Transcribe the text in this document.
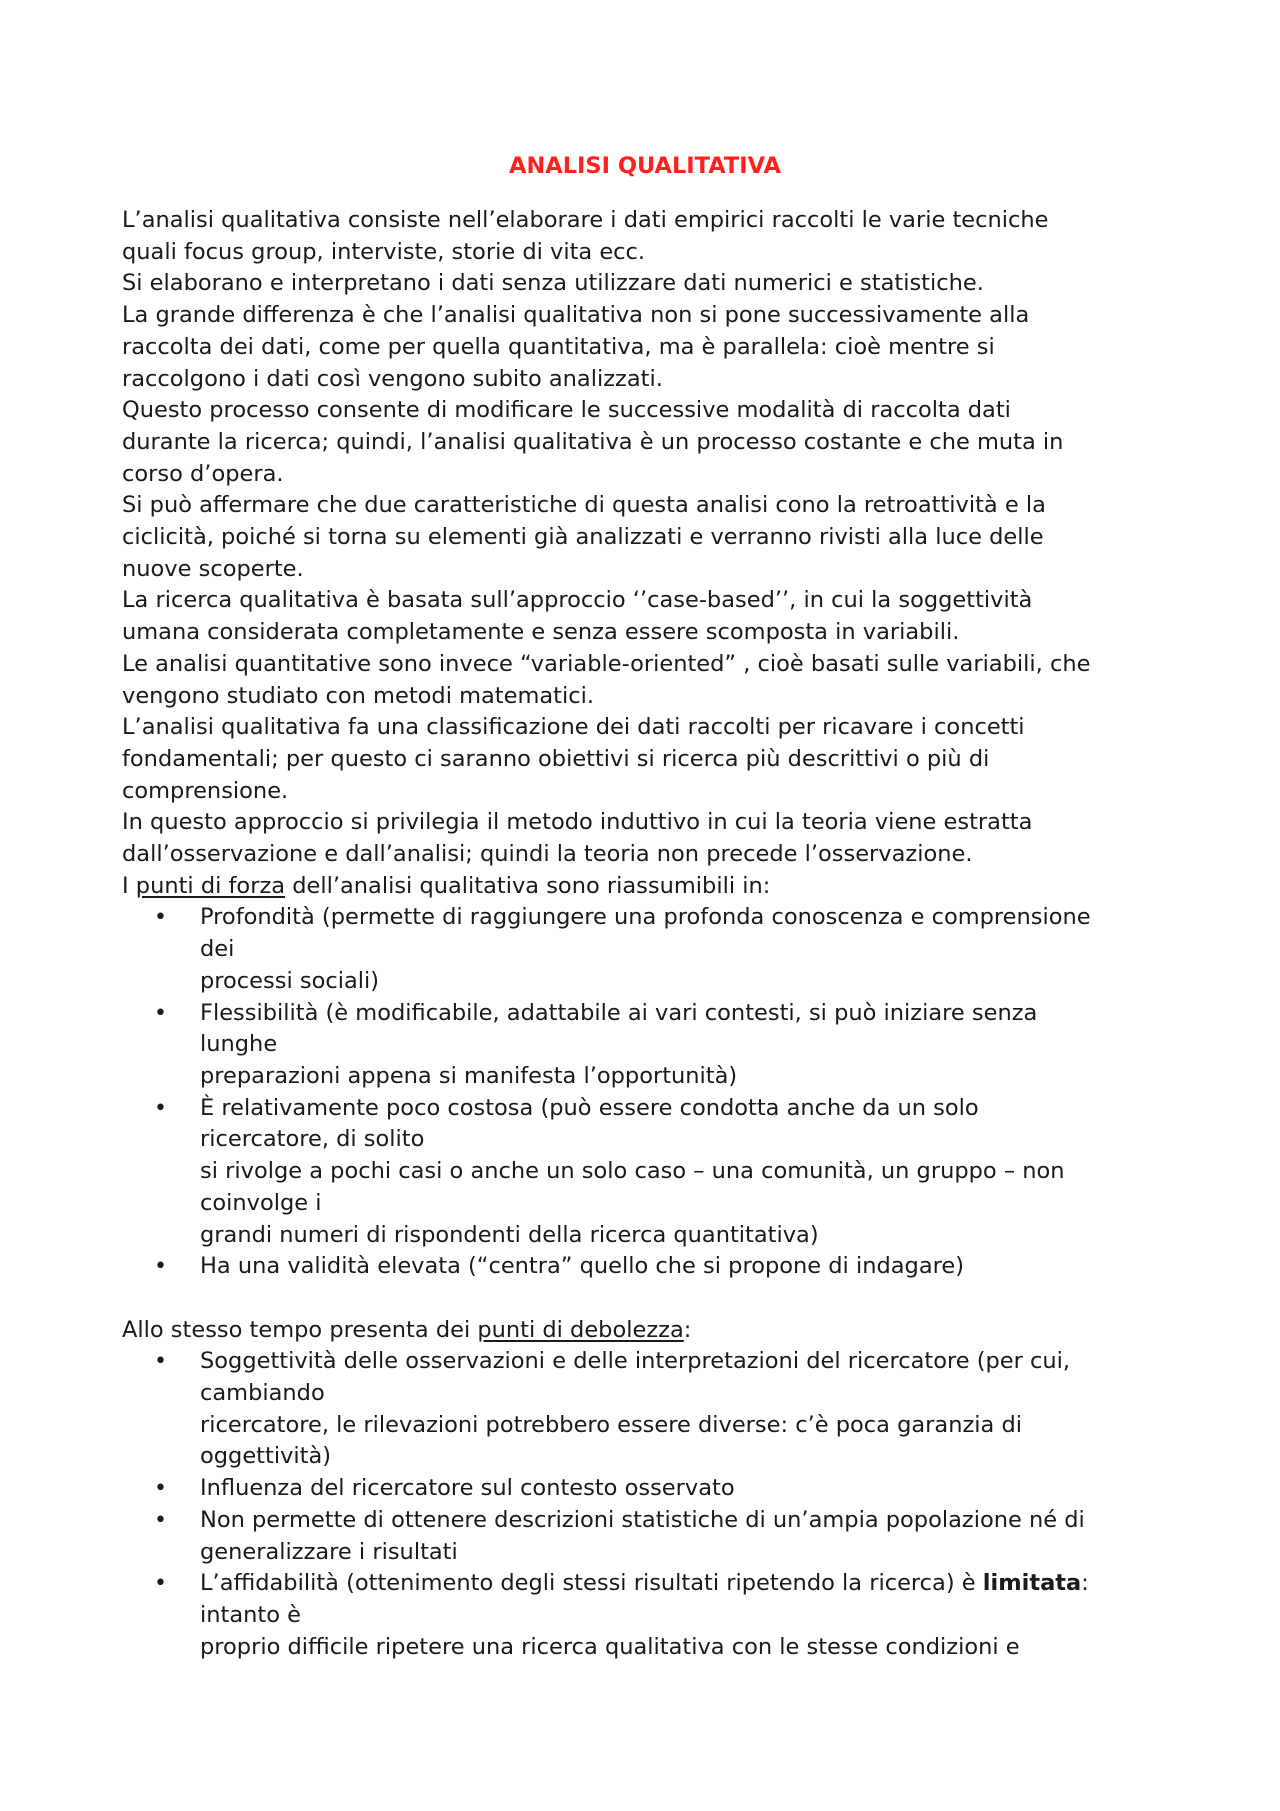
ANALISI QUALITATIVA

L’analisi qualitativa consiste nell’elaborare i dati empirici raccolti le varie tecniche
quali focus group, interviste, storie di vita ecc.

Si elaborano e interpretano i dati senza utilizzare dati numerici e statistiche.

La grande differenza è che l’analisi qualitativa non si pone successivamente alla
raccolta dei dati, come per quella quantitativa, ma è parallela: cioè mentre si
raccolgono i dati così vengono subito analizzati.

Questo processo consente di modificare le successive modalità di raccolta dati
durante la ricerca; quindi, l’analisi qualitativa è un processo costante e che muta in
corso d’opera.

Si può affermare che due caratteristiche di questa analisi cono la retroattività e la
ciclicità, poiché si torna su elementi già analizzati e verranno rivisti alla luce delle
nuove scoperte.

La ricerca qualitativa è basata sull’approccio ‘’case-based’’, in cui la soggettività
umana considerata completamente e senza essere scomposta in variabili.

Le analisi quantitative sono invece “variable-oriented” , cioè basati sulle variabili, che
vengono studiato con metodi matematici.

L’analisi qualitativa fa una classificazione dei dati raccolti per ricavare i concetti
fondamentali; per questo ci saranno obiettivi si ricerca più descrittivi o più di
comprensione.

In questo approccio si privilegia il metodo induttivo in cui la teoria viene estratta
dall’osservazione e dall’analisi; quindi la teoria non precede l’osservazione.

I punti di forza dell’analisi qualitativa sono riassumibili in:

• Profondità (permette di raggiungere una profonda conoscenza e comprensione
dei
processi sociali)
• Flessibilità (è modificabile, adattabile ai vari contesti, si può iniziare senza
lunghe
preparazioni appena si manifesta l’opportunità)
• È relativamente poco costosa (può essere condotta anche da un solo
ricercatore, di solito
si rivolge a pochi casi o anche un solo caso – una comunità, un gruppo – non
coinvolge i
grandi numeri di rispondenti della ricerca quantitativa)
• Ha una validità elevata (“centra” quello che si propone di indagare)

Allo stesso tempo presenta dei punti di debolezza:

• Soggettività delle osservazioni e delle interpretazioni del ricercatore (per cui,
cambiando
ricercatore, le rilevazioni potrebbero essere diverse: c’è poca garanzia di
oggettività)
• Influenza del ricercatore sul contesto osservato
• Non permette di ottenere descrizioni statistiche di un’ampia popolazione né di
generalizzare i risultati
• L’affidabilità (ottenimento degli stessi risultati ripetendo la ricerca) è limitata:
intanto è
proprio difficile ripetere una ricerca qualitativa con le stesse condizioni e
